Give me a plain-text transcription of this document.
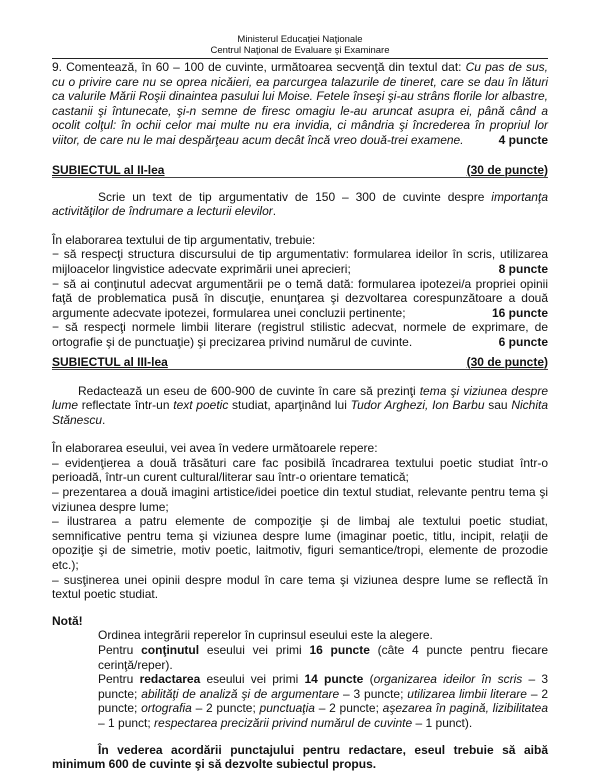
Ministerul Educaţiei Naţionale
Centrul Naţional de Evaluare şi Examinare

9. Comentează, în 60 – 100 de cuvinte, următoarea secvenţă din textul dat: Cu pas de sus, cu o privire care nu se oprea nicăieri, ea parcurgea talazurile de tineret, care se dau în lături ca valurile Mării Roşii dinaintea pasului lui Moise. Fetele înseşi şi-au strâns florile lor albastre, castanii şi întunecate, şi-n semne de firesc omagiu le-au aruncat asupra ei, până când a ocolit colţul: în ochii celor mai multe nu era invidia, ci mândria şi încrederea în propriul lor viitor, de care nu le mai despărţeau acum decât încă vreo două-trei examene.	4 puncte

SUBIECTUL al II-lea	(30 de puncte)

Scrie un text de tip argumentativ de 150 – 300 de cuvinte despre importanţa activităţilor de îndrumare a lecturii elevilor.

În elaborarea textului de tip argumentativ, trebuie:

− să respecţi structura discursului de tip argumentativ: formularea ideilor în scris, utilizarea mijloacelor lingvistice adecvate exprimării unei aprecieri;	8 puncte

− să ai conţinutul adecvat argumentării pe o temă dată: formularea ipotezei/a propriei opinii faţă de problematica pusă în discuţie, enunţarea şi dezvoltarea corespunzătoare a două argumente adecvate ipotezei, formularea unei concluzii pertinente;	16 puncte

− să respecţi normele limbii literare (registrul stilistic adecvat, normele de exprimare, de ortografie şi de punctuaţie) şi precizarea privind numărul de cuvinte.	6 puncte

SUBIECTUL al III-lea	(30 de puncte)

Redactează un eseu de 600-900 de cuvinte în care să prezinţi tema şi viziunea despre lume reflectate într-un text poetic studiat, aparţinând lui Tudor Arghezi, Ion Barbu sau Nichita Stănescu.

În elaborarea eseului, vei avea în vedere următoarele repere:

– evidenţierea a două trăsături care fac posibilă încadrarea textului poetic studiat într-o perioadă, într-un curent cultural/literar sau într-o orientare tematică;

– prezentarea a două imagini artistice/idei poetice din textul studiat, relevante pentru tema şi viziunea despre lume;

– ilustrarea a patru elemente de compoziţie şi de limbaj ale textului poetic studiat, semnificative pentru tema şi viziunea despre lume (imaginar poetic, titlu, incipit, relaţii de opoziţie şi de simetrie, motiv poetic, laitmotiv, figuri semantice/tropi, elemente de prozodie etc.);

– susţinerea unei opinii despre modul în care tema şi viziunea despre lume se reflectă în textul poetic studiat.

Notă!

Ordinea integrării reperelor în cuprinsul eseului este la alegere.

Pentru conţinutul eseului vei primi 16 puncte (câte 4 puncte pentru fiecare cerinţă/reper).

Pentru redactarea eseului vei primi 14 puncte (organizarea ideilor în scris – 3 puncte; abilităţi de analiză şi de argumentare – 3 puncte; utilizarea limbii literare – 2 puncte; ortografia – 2 puncte; punctuaţia – 2 puncte; aşezarea în pagină, lizibilitatea – 1 punct; respectarea precizării privind numărul de cuvinte – 1 punct).

În vederea acordării punctajului pentru redactare, eseul trebuie să aibă minimum 600 de cuvinte şi să dezvolte subiectul propus.
